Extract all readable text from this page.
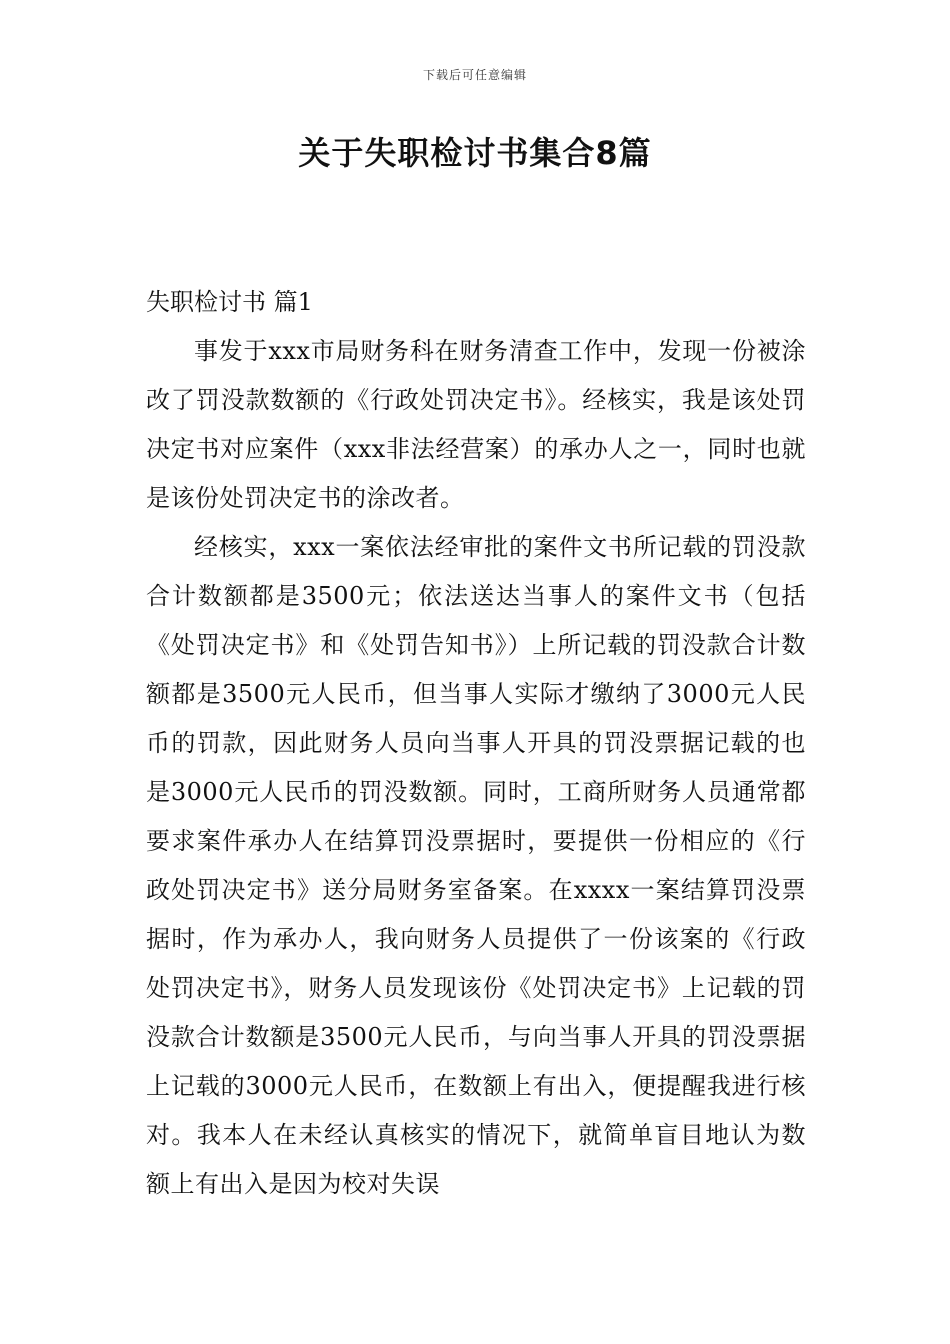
下载后可任意编辑
关于失职检讨书集合8篇
失职检讨书 篇1

事发于xxx市局财务科在财务清查工作中，发现一份被涂改了罚没款数额的《行政处罚决定书》。经核实，我是该处罚决定书对应案件（xxx非法经营案）的承办人之一，同时也就是该份处罚决定书的涂改者。

经核实，xxx一案依法经审批的案件文书所记载的罚没款合计数额都是3500元；依法送达当事人的案件文书（包括《处罚决定书》和《处罚告知书》）上所记载的罚没款合计数额都是3500元人民币，但当事人实际才缴纳了3000元人民币的罚款，因此财务人员向当事人开具的罚没票据记载的也是3000元人民币的罚没数额。同时，工商所财务人员通常都要求案件承办人在结算罚没票据时，要提供一份相应的《行政处罚决定书》送分局财务室备案。在xxxx一案结算罚没票据时，作为承办人，我向财务人员提供了一份该案的《行政处罚决定书》，财务人员发现该份《处罚决定书》上记载的罚没款合计数额是3500元人民币，与向当事人开具的罚没票据上记载的3000元人民币，在数额上有出入，便提醒我进行核对。我本人在未经认真核实的情况下，就简单盲目地认为数额上有出入是因为校对失误
